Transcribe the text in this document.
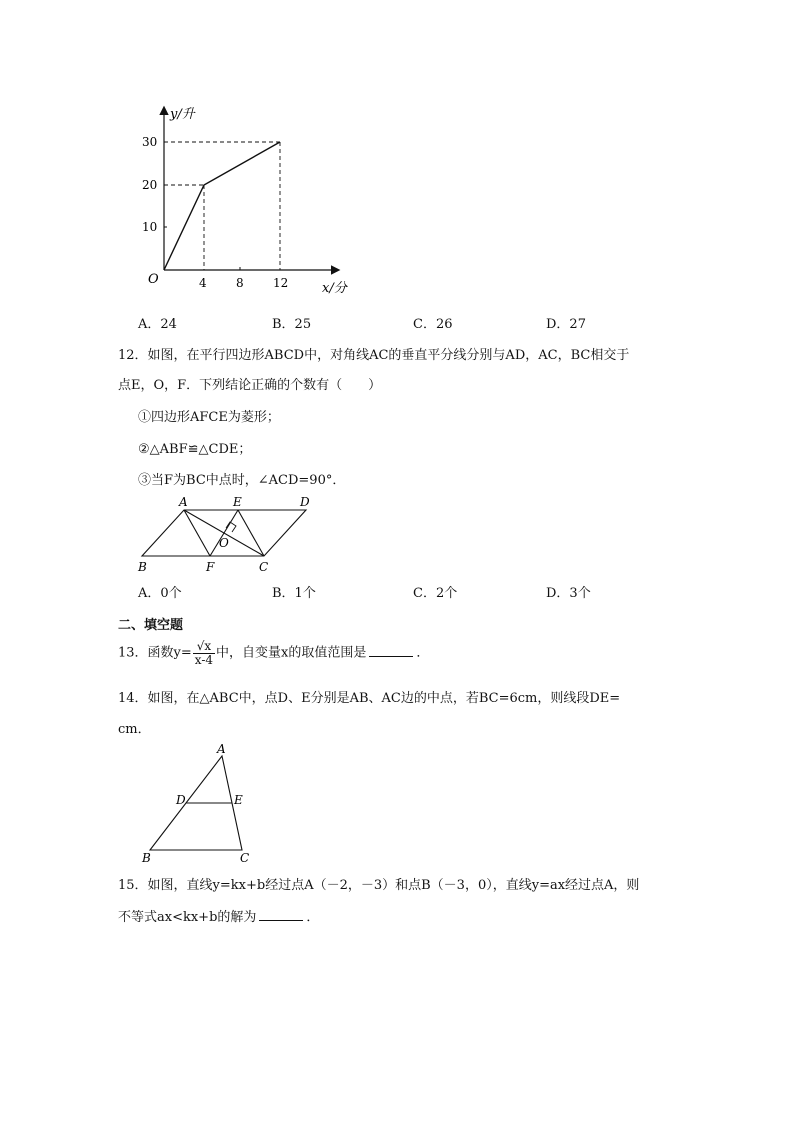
y/升
x/分
O
30
20
10
4 8 12
A．24	B．25	C．26	D．27
12．如图，在平行四边形ABCD中，对角线AC的垂直平分线分别与AD，AC，BC相交于
点E，O，F．下列结论正确的个数有（　　）
①四边形AFCE为菱形；
②△ABF≌△CDE；
③当F为BC中点时，∠ACD=90°．
A	E	D
O
B	F	C
A．0个	B．1个	C．2个	D．3个
二、填空题
13．函数$y= \frac{√x}{x-4}$ 中，自变量x的取值范围是	．
14．如图，在△ABC中，点D、E分别是AB、AC边的中点，若BC=6cm，则线段DE=
cm．
A
D	E
B	C
15．如图，直线y=kx+b经过点A（－2，－3）和点B（－3，0），直线y=ax经过点A，则
不等式ax<kx+b的解为	．
